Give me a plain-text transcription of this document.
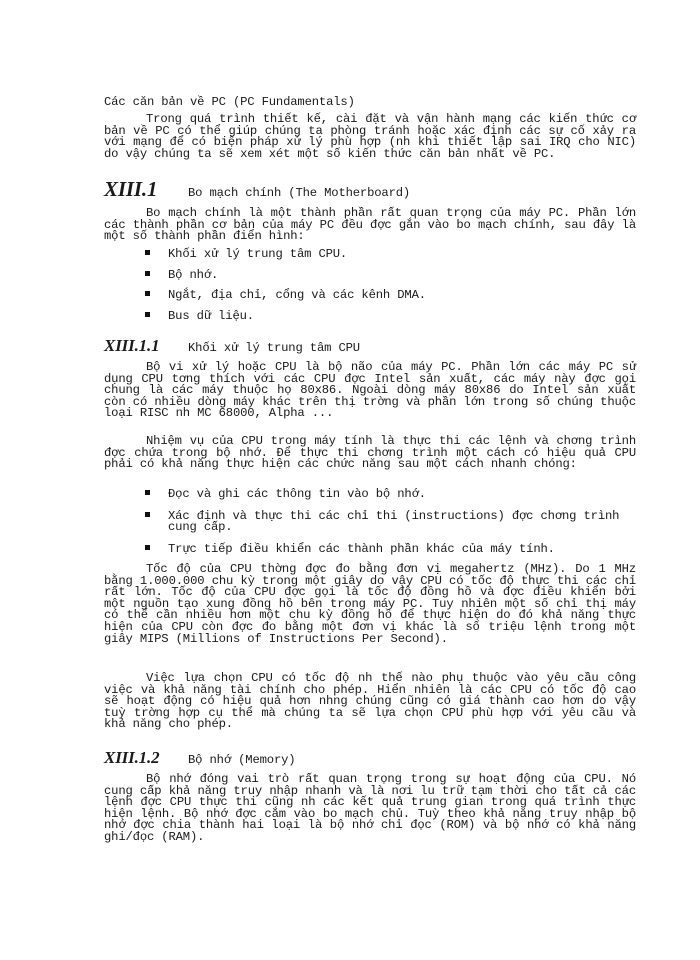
Các căn bản về PC (PC Fundamentals)
Trong quá trình thiết kế, cài đặt và vận hành mạng các kiến thức cơ bản về PC có thể giúp chúng ta phòng tránh hoặc xác định các sự cố xảy ra với mạng để có biện pháp xử lý phù hợp (nh khi thiết lập sai IRQ cho NIC) do vậy chúng ta sẽ xem xét một số kiến thức căn bản nhất về PC.
XIII.1	Bo mạch chính (The Motherboard)
Bo mạch chính là một thành phần rất quan trọng của máy PC. Phần lớn các thành phần cơ bản của máy PC đều đợc gắn vào bo mạch chính, sau đây là một số thành phần điển hình:
Khối xử lý trung tâm CPU.
Bộ nhớ.
Ngắt, địa chỉ, cổng và các kênh DMA.
Bus dữ liệu.
XIII.1.1	Khối xử lý trung tâm CPU
Bộ vi xử lý hoặc CPU là bộ não của máy PC. Phần lớn các máy PC sử dụng CPU tơng thích với các CPU đợc Intel sản xuất, các máy này đợc gọi chung là các máy thuộc họ 80x86. Ngoài dòng máy 80x86 do Intel sản xuất còn có nhiều dòng máy khác trên thị trờng và phần lớn trong số chúng thuộc loại RISC nh MC 68000, Alpha ...
Nhiệm vụ của CPU trong máy tính là thực thi các lệnh và chơng trình đợc chứa trong bộ nhớ. Để thực thi chơng trình một cách có hiệu quả CPU phải có khả năng thực hiện các chức năng sau một cách nhanh chóng:
Đọc và ghi các thông tin vào bộ nhớ.
Xác định và thực thi các chỉ thi (instructions) đợc chơng trình cung cấp.
Trực tiếp điều khiển các thành phần khác của máy tính.
Tốc độ của CPU thờng đợc đo bằng đơn vị megahertz (MHz). Do 1 MHz bằng 1.000.000 chu kỳ trong một giây do vậy CPU có tốc độ thực thi các chỉ rất lớn. Tốc độ của CPU đợc gọi là tốc độ đồng hồ và đợc điều khiển bởi một nguồn tạo xung đồng hồ bên trong máy PC. Tuy nhiên một số chỉ thị máy có thể cần nhiều hơn một chu kỳ đồng hồ để thực hiện do đó khả năng thực hiện của CPU còn đợc đo bằng một đơn vị khác là số triệu lệnh trong một giây MIPS (Millions of Instructions Per Second).
Việc lựa chọn CPU có tốc độ nh thế nào phụ thuộc vào yêu cầu công việc và khả năng tài chính cho phép. Hiển nhiên là các CPU có tốc độ cao sẽ hoạt động có hiệu quả hơn nhng chúng cũng có giá thành cao hơn do vậy tuỳ trờng hợp cụ thể mà chúng ta sẽ lựa chọn CPU phù hợp với yêu cầu và khả năng cho phép.
XIII.1.2	Bộ nhớ (Memory)
Bộ nhớ đóng vai trò rất quan trọng trong sự hoạt động của CPU. Nó cung cấp khả năng truy nhập nhanh và là nơi lu trữ tạm thời cho tất cả các lệnh đợc CPU thực thi cũng nh các kết quả trung gian trong quá trình thực hiện lệnh. Bộ nhớ đợc cắm vào bo mạch chủ. Tuỳ theo khả năng truy nhập bộ nhớ đợc chia thành hai loại là bộ nhớ chỉ đọc (ROM) và bộ nhớ có khả năng ghi/đọc (RAM).
